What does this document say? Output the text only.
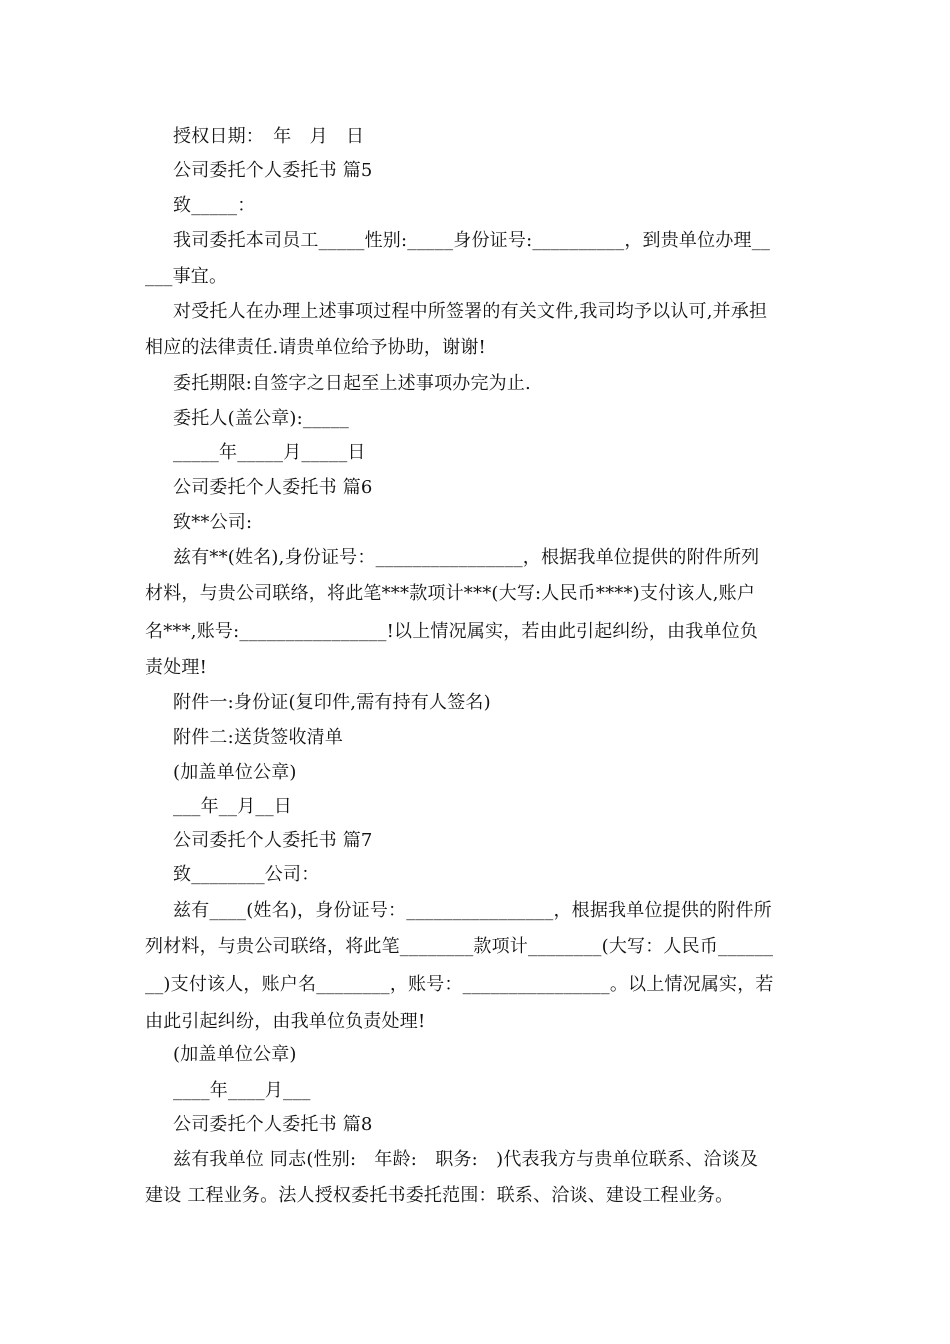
授权日期：　年　月　日
公司委托个人委托书 篇5
致_____：
我司委托本司员工_____性别:_____身份证号:__________，到贵单位办理__
___事宜。
对受托人在办理上述事项过程中所签署的有关文件,我司均予以认可,并承担
相应的法律责任.请贵单位给予协助，谢谢!
委托期限:自签字之日起至上述事项办完为止.
委托人(盖公章):_____
_____年_____月_____日
公司委托个人委托书 篇6
致**公司:
兹有**(姓名),身份证号：________________，根据我单位提供的附件所列
材料，与贵公司联络，将此笔***款项计***(大写:人民币****)支付该人,账户
名***,账号:________________!以上情况属实，若由此引起纠纷，由我单位负
责处理!
附件一:身份证(复印件,需有持有人签名)
附件二:送货签收清单
(加盖单位公章)
___年__月__日
公司委托个人委托书 篇7
致________公司：
兹有____(姓名)，身份证号：________________，根据我单位提供的附件所
列材料，与贵公司联络，将此笔________款项计________(大写：人民币______
__)支付该人，账户名________，账号：________________。以上情况属实，若
由此引起纠纷，由我单位负责处理!
(加盖单位公章)
____年____月___
公司委托个人委托书 篇8
兹有我单位 同志(性别:　年龄:　职务:　)代表我方与贵单位联系、洽谈及
建设 工程业务。法人授权委托书委托范围：联系、洽谈、建设工程业务。
